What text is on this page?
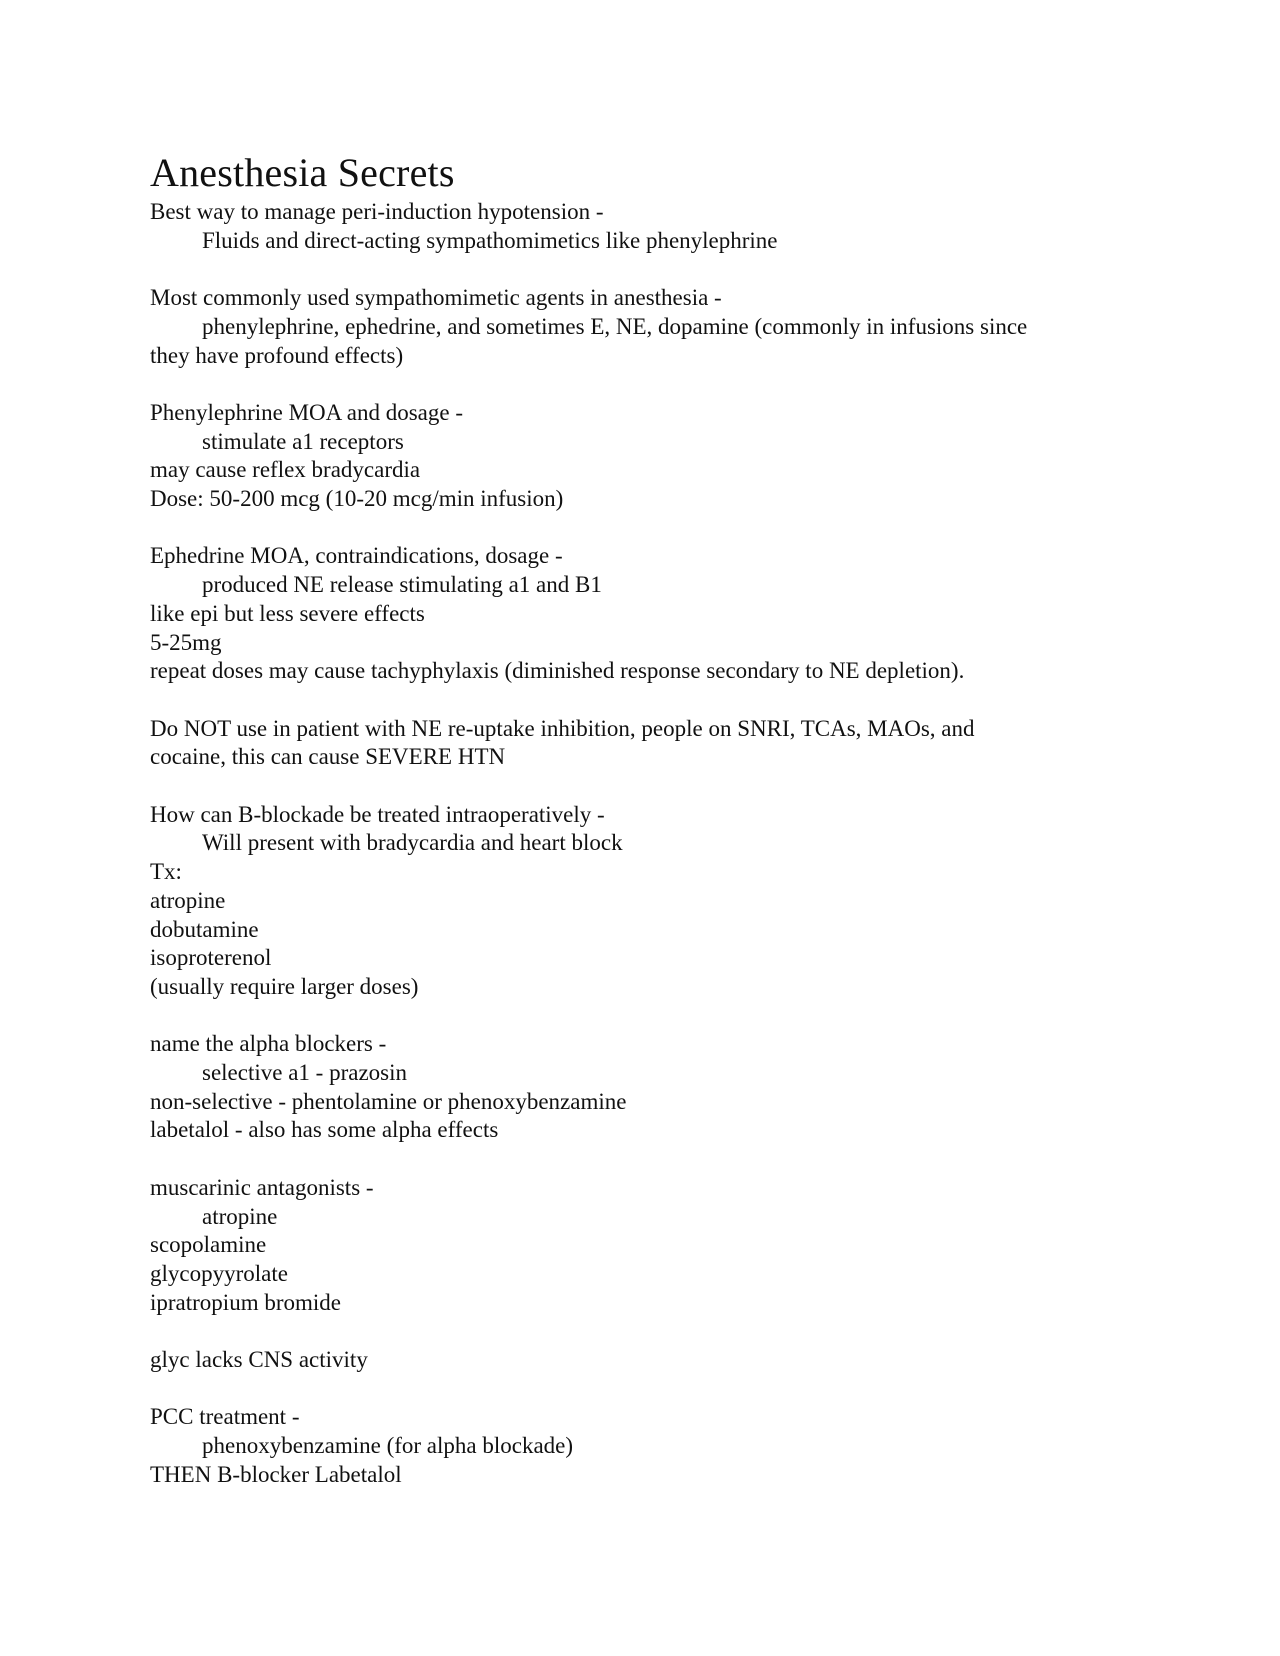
Anesthesia Secrets

Best way to manage peri-induction hypotension -

Fluids and direct-acting sympathomimetics like phenylephrine

Most commonly used sympathomimetic agents in anesthesia -

phenylephrine, ephedrine, and sometimes E, NE, dopamine (commonly in infusions since

they have profound effects)

Phenylephrine MOA and dosage -

stimulate a1 receptors

may cause reflex bradycardia

Dose: 50-200 mcg (10-20 mcg/min infusion)

Ephedrine MOA, contraindications, dosage -

produced NE release stimulating a1 and B1

like epi but less severe effects

5-25mg

repeat doses may cause tachyphylaxis (diminished response secondary to NE depletion).

Do NOT use in patient with NE re-uptake inhibition, people on SNRI, TCAs, MAOs, and

cocaine, this can cause SEVERE HTN

How can B-blockade be treated intraoperatively -

Will present with bradycardia and heart block

Tx:

atropine

dobutamine

isoproterenol

(usually require larger doses)

name the alpha blockers -

selective a1 - prazosin

non-selective - phentolamine or phenoxybenzamine

labetalol - also has some alpha effects

muscarinic antagonists -

atropine

scopolamine

glycopyyrolate

ipratropium bromide

glyc lacks CNS activity

PCC treatment -

phenoxybenzamine (for alpha blockade)

THEN B-blocker Labetalol
